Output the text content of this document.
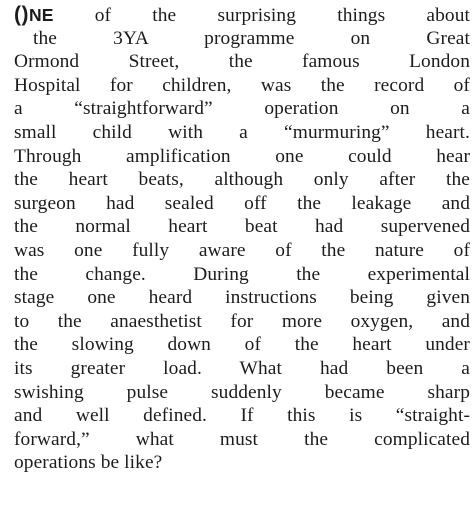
()NE of the surprising things about
the 3YA programme on Great
Ormond Street, the famous London
Hospital for children, was the record of
a “straightforward” operation on a
small child with a “murmuring” heart.
Through amplification one could hear
the heart beats, although only after the
surgeon had sealed off the leakage and
the normal heart beat had supervened
was one fully aware of the nature of
the change. During the experimental
stage one heard instructions being given
to the anaesthetist for more oxygen, and
the slowing down of the heart under
its greater load. What had been a
swishing pulse suddenly became sharp
and well defined. If this is “straight-
forward,” what must the complicated
operations be like?
